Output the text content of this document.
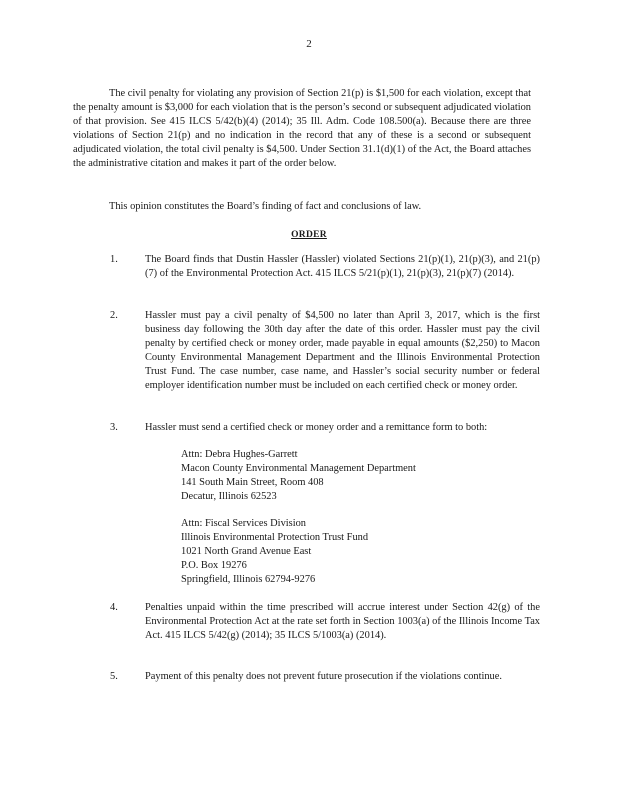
2

The civil penalty for violating any provision of Section 21(p) is $1,500 for each violation, except that the penalty amount is $3,000 for each violation that is the person’s second or subsequent adjudicated violation of that provision. See 415 ILCS 5/42(b)(4) (2014); 35 Ill. Adm. Code 108.500(a). Because there are three violations of Section 21(p) and no indication in the record that any of these is a second or subsequent adjudicated violation, the total civil penalty is $4,500. Under Section 31.1(d)(1) of the Act, the Board attaches the administrative citation and makes it part of the order below.

This opinion constitutes the Board’s finding of fact and conclusions of law.

ORDER
1.	The Board finds that Dustin Hassler (Hassler) violated Sections 21(p)(1), 21(p)(3), and 21(p)(7) of the Environmental Protection Act. 415 ILCS 5/21(p)(1), 21(p)(3), 21(p)(7) (2014).
2.	Hassler must pay a civil penalty of $4,500 no later than April 3, 2017, which is the first business day following the 30th day after the date of this order. Hassler must pay the civil penalty by certified check or money order, made payable in equal amounts ($2,250) to Macon County Environmental Management Department and the Illinois Environmental Protection Trust Fund. The case number, case name, and Hassler’s social security number or federal employer identification number must be included on each certified check or money order.
3.	Hassler must send a certified check or money order and a remittance form to both:
Attn: Debra Hughes-Garrett
Macon County Environmental Management Department
141 South Main Street, Room 408
Decatur, Illinois 62523
Attn: Fiscal Services Division
Illinois Environmental Protection Trust Fund
1021 North Grand Avenue East
P.O. Box 19276
Springfield, Illinois 62794-9276
4.	Penalties unpaid within the time prescribed will accrue interest under Section 42(g) of the Environmental Protection Act at the rate set forth in Section 1003(a) of the Illinois Income Tax Act. 415 ILCS 5/42(g) (2014); 35 ILCS 5/1003(a) (2014).
5.	Payment of this penalty does not prevent future prosecution if the violations continue.
